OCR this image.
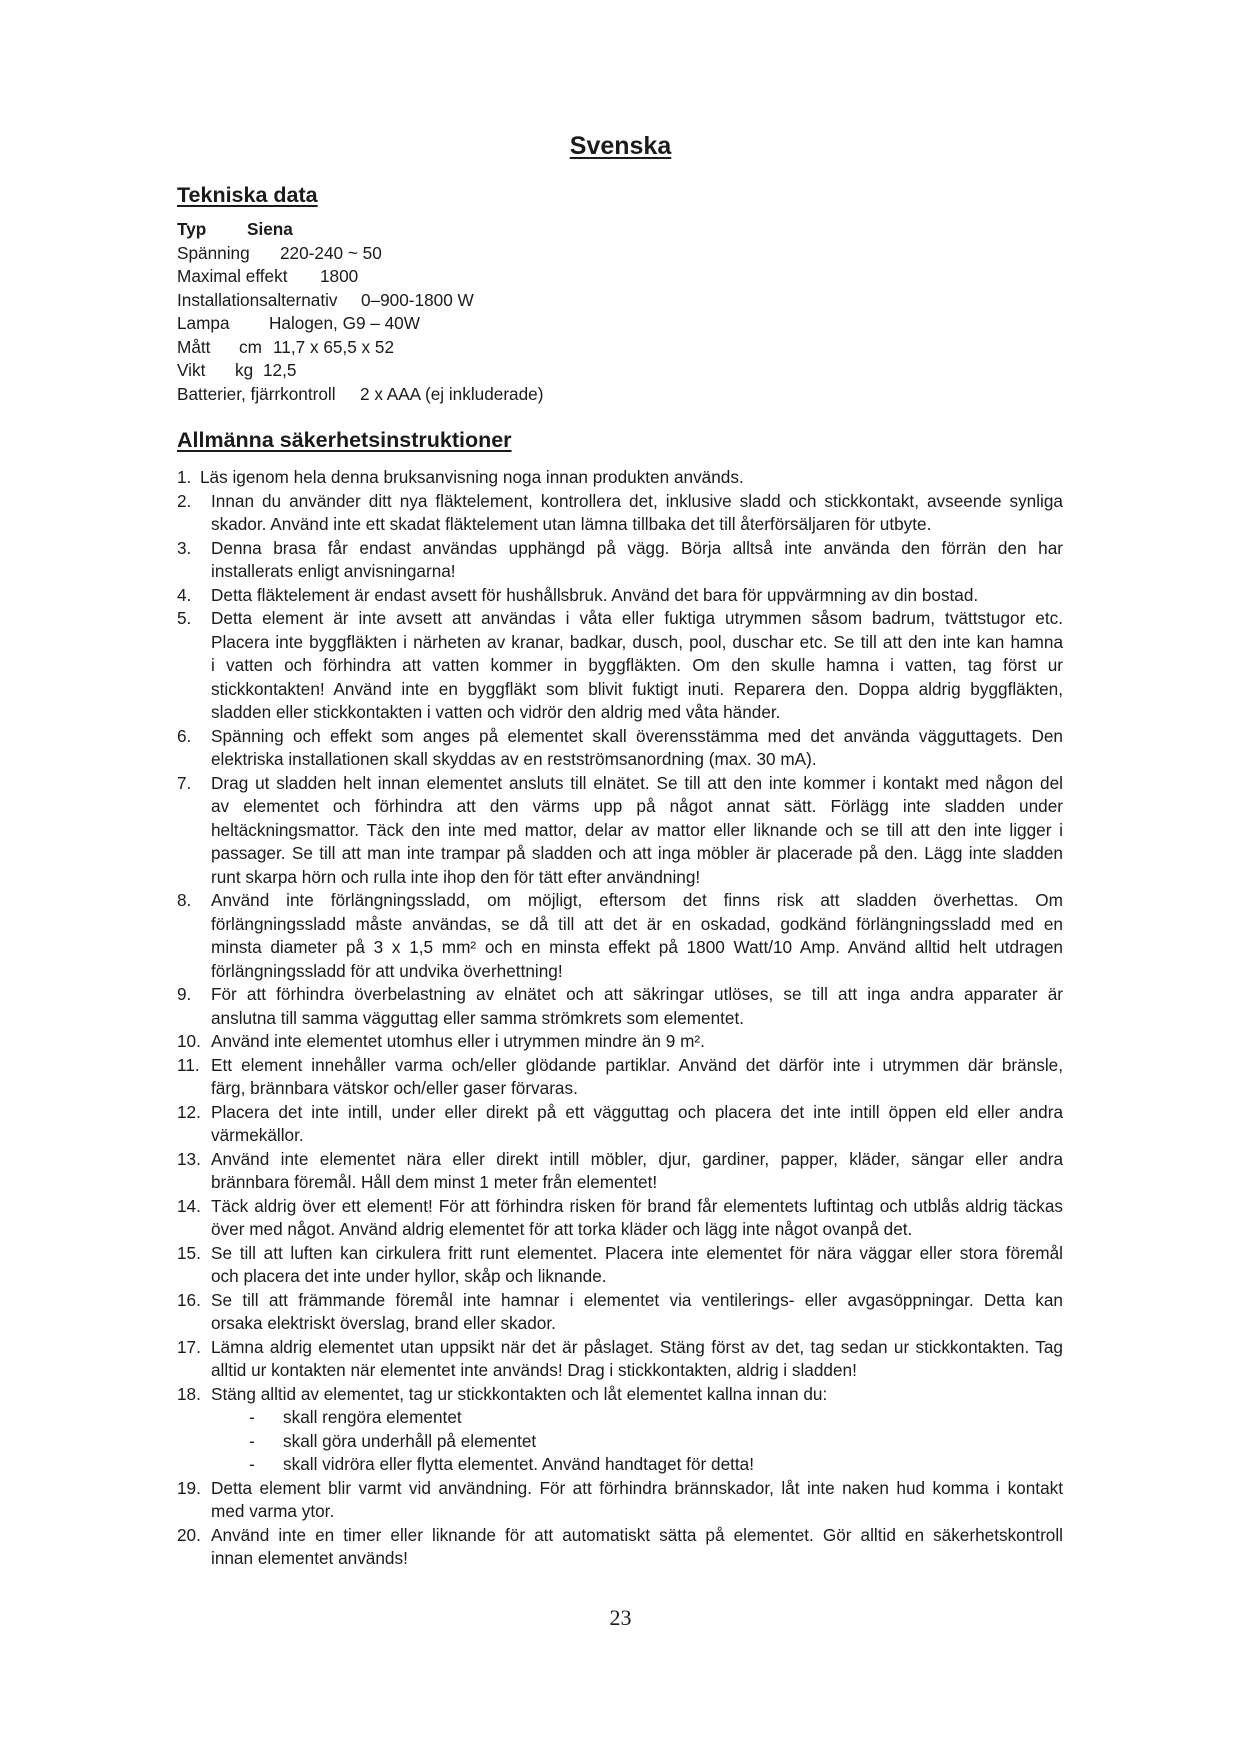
Svenska
Tekniska data
Typ Siena
Spänning 220-240 ~ 50
Maximal effekt 1800
Installationsalternativ 0–900-1800 W
Lampa Halogen, G9 – 40W
Mått cm 11,7 x 65,5 x 52
Vikt kg 12,5
Batterier, fjärrkontroll 2 x AAA (ej inkluderade)
Allmänna säkerhetsinstruktioner
1. Läs igenom hela denna bruksanvisning noga innan produkten används.
2. Innan du använder ditt nya fläktelement, kontrollera det, inklusive sladd och stickkontakt, avseende synliga
skador. Använd inte ett skadat fläktelement utan lämna tillbaka det till återförsäljaren för utbyte.
3. Denna brasa får endast användas upphängd på vägg. Börja alltså inte använda den förrän den har
installerats enligt anvisningarna!
4. Detta fläktelement är endast avsett för hushållsbruk. Använd det bara för uppvärmning av din bostad.
5. Detta element är inte avsett att användas i våta eller fuktiga utrymmen såsom badrum, tvättstugor etc.
Placera inte byggfläkten i närheten av kranar, badkar, dusch, pool, duschar etc. Se till att den inte kan hamna
i vatten och förhindra att vatten kommer in byggfläkten. Om den skulle hamna i vatten, tag först ur
stickkontakten! Använd inte en byggfläkt som blivit fuktigt inuti. Reparera den. Doppa aldrig byggfläkten,
sladden eller stickkontakten i vatten och vidrör den aldrig med våta händer.
6. Spänning och effekt som anges på elementet skall överensstämma med det använda vägguttagets. Den
elektriska installationen skall skyddas av en restströmsanordning (max. 30 mA).
7. Drag ut sladden helt innan elementet ansluts till elnätet. Se till att den inte kommer i kontakt med någon del
av elementet och förhindra att den värms upp på något annat sätt. Förlägg inte sladden under
heltäckningsmattor. Täck den inte med mattor, delar av mattor eller liknande och se till att den inte ligger i
passager. Se till att man inte trampar på sladden och att inga möbler är placerade på den. Lägg inte sladden
runt skarpa hörn och rulla inte ihop den för tätt efter användning!
8. Använd inte förlängningssladd, om möjligt, eftersom det finns risk att sladden överhettas. Om
förlängningssladd måste användas, se då till att det är en oskadad, godkänd förlängningssladd med en
minsta diameter på 3 x 1,5 mm² och en minsta effekt på 1800 Watt/10 Amp. Använd alltid helt utdragen
förlängningssladd för att undvika överhettning!
9. För att förhindra överbelastning av elnätet och att säkringar utlöses, se till att inga andra apparater är
anslutna till samma vägguttag eller samma strömkrets som elementet.
10. Använd inte elementet utomhus eller i utrymmen mindre än 9 m².
11. Ett element innehåller varma och/eller glödande partiklar. Använd det därför inte i utrymmen där bränsle,
färg, brännbara vätskor och/eller gaser förvaras.
12. Placera det inte intill, under eller direkt på ett vägguttag och placera det inte intill öppen eld eller andra
värmekällor.
13. Använd inte elementet nära eller direkt intill möbler, djur, gardiner, papper, kläder, sängar eller andra
brännbara föremål. Håll dem minst 1 meter från elementet!
14. Täck aldrig över ett element! För att förhindra risken för brand får elementets luftintag och utblås aldrig täckas
över med något. Använd aldrig elementet för att torka kläder och lägg inte något ovanpå det.
15. Se till att luften kan cirkulera fritt runt elementet. Placera inte elementet för nära väggar eller stora föremål
och placera det inte under hyllor, skåp och liknande.
16. Se till att främmande föremål inte hamnar i elementet via ventilerings- eller avgasöppningar. Detta kan
orsaka elektriskt överslag, brand eller skador.
17. Lämna aldrig elementet utan uppsikt när det är påslaget. Stäng först av det, tag sedan ur stickkontakten. Tag
alltid ur kontakten när elementet inte används! Drag i stickkontakten, aldrig i sladden!
18. Stäng alltid av elementet, tag ur stickkontakten och låt elementet kallna innan du:
- skall rengöra elementet
- skall göra underhåll på elementet
- skall vidröra eller flytta elementet. Använd handtaget för detta!
19. Detta element blir varmt vid användning. För att förhindra brännskador, låt inte naken hud komma i kontakt
med varma ytor.
20. Använd inte en timer eller liknande för att automatiskt sätta på elementet. Gör alltid en säkerhetskontroll
innan elementet används!
23
